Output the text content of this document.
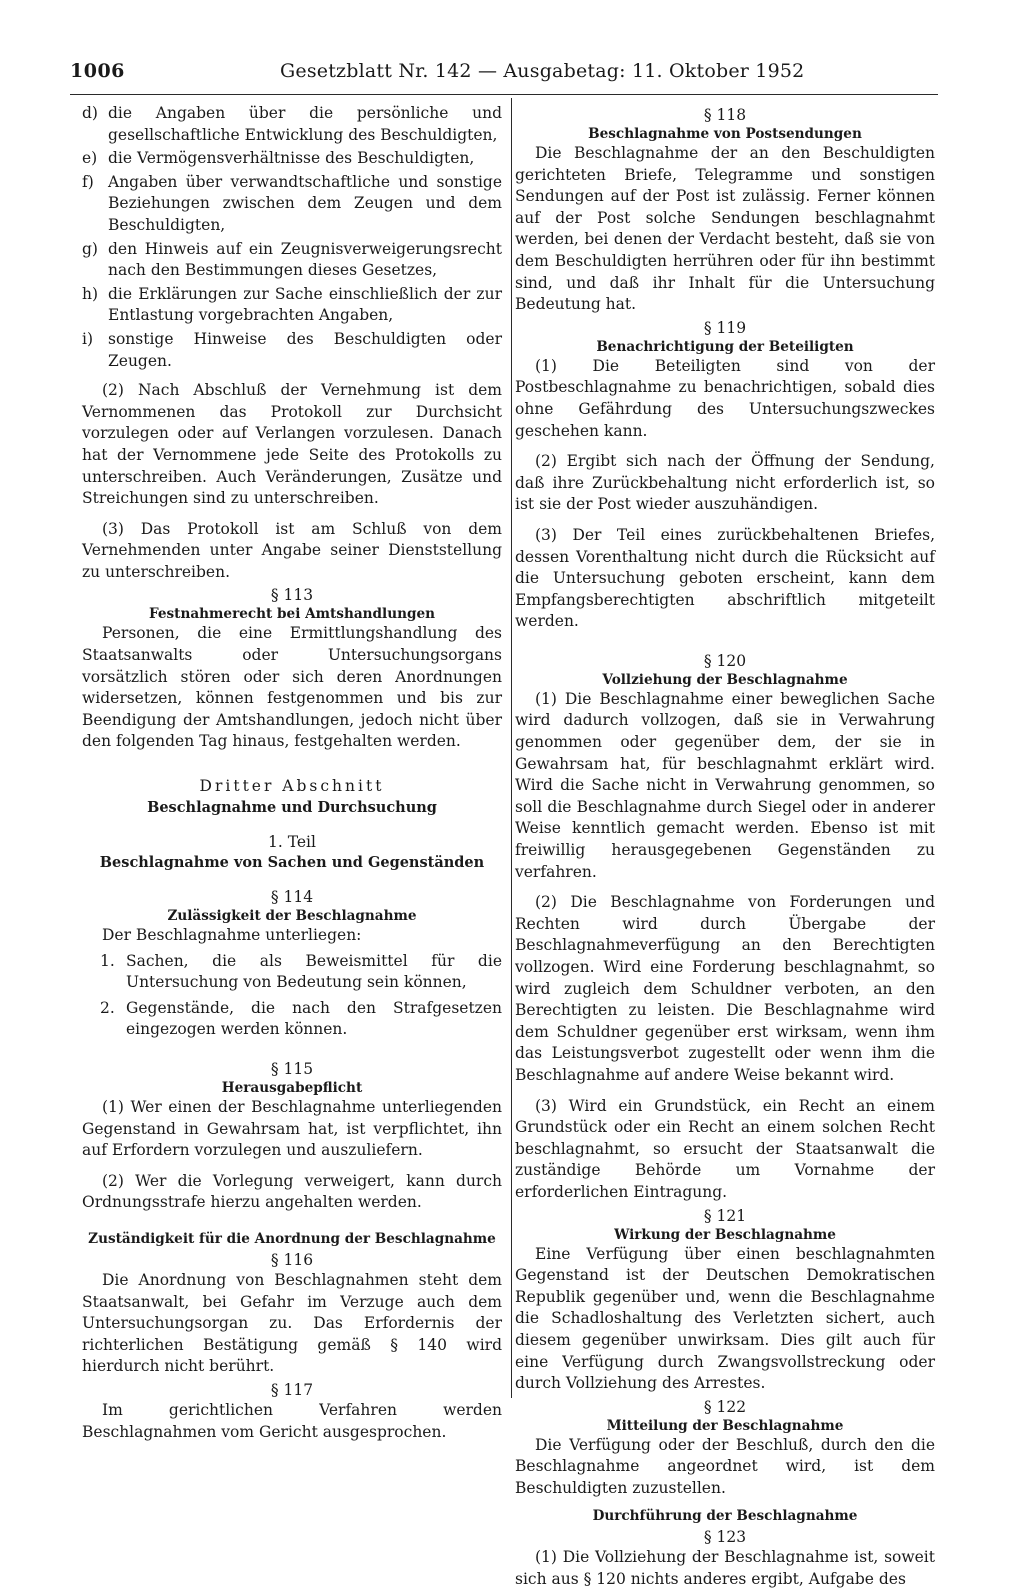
1006	Gesetzblatt Nr. 142 — Ausgabetag: 11. Oktober 1952
d) die Angaben über die persönliche und gesellschaftliche Entwicklung des Beschuldigten,
e) die Vermögensverhältnisse des Beschuldigten,
f) Angaben über verwandtschaftliche und sonstige Beziehungen zwischen dem Zeugen und dem Beschuldigten,
g) den Hinweis auf ein Zeugnisverweigerungsrecht nach den Bestimmungen dieses Gesetzes,
h) die Erklärungen zur Sache einschließlich der zur Entlastung vorgebrachten Angaben,
i) sonstige Hinweise des Beschuldigten oder Zeugen.

(2) Nach Abschluß der Vernehmung ist dem Vernommenen das Protokoll zur Durchsicht vorzulegen oder auf Verlangen vorzulesen. Danach hat der Vernommene jede Seite des Protokolls zu unterschreiben. Auch Veränderungen, Zusätze und Streichungen sind zu unterschreiben.

(3) Das Protokoll ist am Schluß von dem Vernehmenden unter Angabe seiner Dienststellung zu unterschreiben.

§ 113
Festnahmerecht bei Amtshandlungen

Personen, die eine Ermittlungshandlung des Staatsanwalts oder Untersuchungsorgans vorsätzlich stören oder sich deren Anordnungen widersetzen, können festgenommen und bis zur Beendigung der Amtshandlungen, jedoch nicht über den folgenden Tag hinaus, festgehalten werden.

Dritter Abschnitt
Beschlagnahme und Durchsuchung
1. Teil
Beschlagnahme von Sachen und Gegenständen
§ 114
Zulässigkeit der Beschlagnahme

Der Beschlagnahme unterliegen:

1. Sachen, die als Beweismittel für die Untersuchung von Bedeutung sein können,
2. Gegenstände, die nach den Strafgesetzen eingezogen werden können.
§ 115
Herausgabepflicht

(1) Wer einen der Beschlagnahme unterliegenden Gegenstand in Gewahrsam hat, ist verpflichtet, ihn auf Erfordern vorzulegen und auszuliefern.

(2) Wer die Vorlegung verweigert, kann durch Ordnungsstrafe hierzu angehalten werden.

Zuständigkeit für die Anordnung der Beschlagnahme
§ 116

Die Anordnung von Beschlagnahmen steht dem Staatsanwalt, bei Gefahr im Verzuge auch dem Untersuchungsorgan zu. Das Erfordernis der richterlichen Bestätigung gemäß § 140 wird hierdurch nicht berührt.

§ 117

Im gerichtlichen Verfahren werden Beschlagnahmen vom Gericht ausgesprochen.

§ 118
Beschlagnahme von Postsendungen

Die Beschlagnahme der an den Beschuldigten gerichteten Briefe, Telegramme und sonstigen Sendungen auf der Post ist zulässig. Ferner können auf der Post solche Sendungen beschlagnahmt werden, bei denen der Verdacht besteht, daß sie von dem Beschuldigten herrühren oder für ihn bestimmt sind, und daß ihr Inhalt für die Untersuchung Bedeutung hat.

§ 119
Benachrichtigung der Beteiligten

(1) Die Beteiligten sind von der Postbeschlagnahme zu benachrichtigen, sobald dies ohne Gefährdung des Untersuchungszweckes geschehen kann.

(2) Ergibt sich nach der Öffnung der Sendung, daß ihre Zurückbehaltung nicht erforderlich ist, so ist sie der Post wieder auszuhändigen.

(3) Der Teil eines zurückbehaltenen Briefes, dessen Vorenthaltung nicht durch die Rücksicht auf die Untersuchung geboten erscheint, kann dem Empfangsberechtigten abschriftlich mitgeteilt werden.

§ 120
Vollziehung der Beschlagnahme

(1) Die Beschlagnahme einer beweglichen Sache wird dadurch vollzogen, daß sie in Verwahrung genommen oder gegenüber dem, der sie in Gewahrsam hat, für beschlagnahmt erklärt wird. Wird die Sache nicht in Verwahrung genommen, so soll die Beschlagnahme durch Siegel oder in anderer Weise kenntlich gemacht werden. Ebenso ist mit freiwillig herausgegebenen Gegenständen zu verfahren.

(2) Die Beschlagnahme von Forderungen und Rechten wird durch Übergabe der Beschlagnahmeverfügung an den Berechtigten vollzogen. Wird eine Forderung beschlagnahmt, so wird zugleich dem Schuldner verboten, an den Berechtigten zu leisten. Die Beschlagnahme wird dem Schuldner gegenüber erst wirksam, wenn ihm das Leistungsverbot zugestellt oder wenn ihm die Beschlagnahme auf andere Weise bekannt wird.

(3) Wird ein Grundstück, ein Recht an einem Grundstück oder ein Recht an einem solchen Recht beschlagnahmt, so ersucht der Staatsanwalt die zuständige Behörde um Vornahme der erforderlichen Eintragung.

§ 121
Wirkung der Beschlagnahme

Eine Verfügung über einen beschlagnahmten Gegenstand ist der Deutschen Demokratischen Republik gegenüber und, wenn die Beschlagnahme die Schadloshaltung des Verletzten sichert, auch diesem gegenüber unwirksam. Dies gilt auch für eine Verfügung durch Zwangsvollstreckung oder durch Vollziehung des Arrestes.

§ 122
Mitteilung der Beschlagnahme

Die Verfügung oder der Beschluß, durch den die Beschlagnahme angeordnet wird, ist dem Beschuldigten zuzustellen.

Durchführung der Beschlagnahme
§ 123

(1) Die Vollziehung der Beschlagnahme ist, soweit sich aus § 120 nichts anderes ergibt, Aufgabe des
